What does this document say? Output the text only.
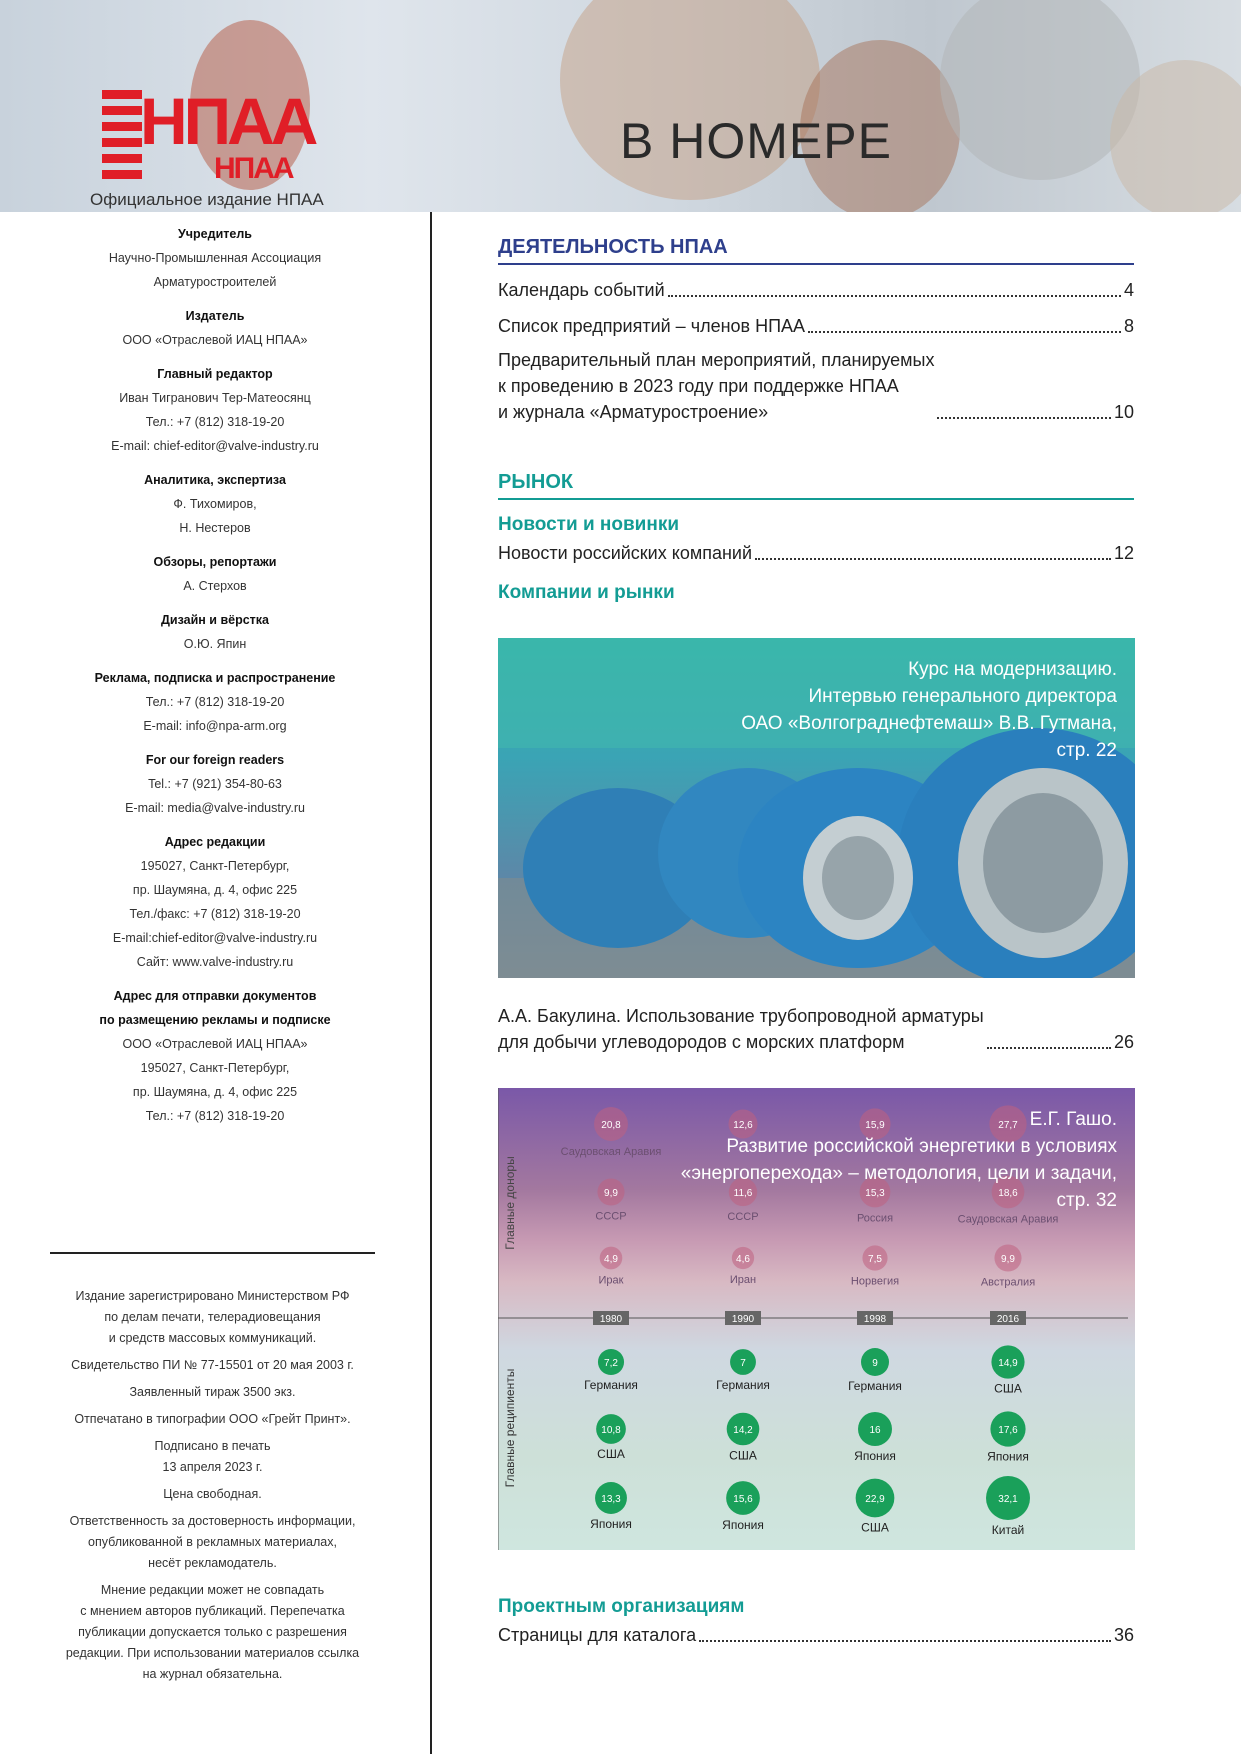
НПАА
НПАА
Официальное издание НПАА
В НОМЕРЕ
Учредитель
Научно-Промышленная Ассоциация
Арматуростроителей
Издатель
ООО «Отраслевой ИАЦ НПАА»
Главный редактор
Иван Тигранович Тер-Матеосянц
Тел.: +7 (812) 318-19-20
E-mail: chief-editor@valve-industry.ru
Аналитика, экспертиза
Ф. Тихомиров,
Н. Нестеров
Обзоры, репортажи
А. Стерхов
Дизайн и вёрстка
О.Ю. Япин
Реклама, подписка и распространение
Тел.: +7 (812) 318-19-20
E-mail: info@npa-arm.org
For our foreign readers
Tel.: +7 (921) 354-80-63
E-mail: media@valve-industry.ru
Адрес редакции
195027, Санкт-Петербург,
пр. Шаумяна, д. 4, офис 225
Тел./факс: +7 (812) 318-19-20
E-mail:chief-editor@valve-industry.ru
Сайт: www.valve-industry.ru
Адрес для отправки документов
по размещению рекламы и подписке
ООО «Отраслевой ИАЦ НПАА»
195027, Санкт-Петербург,
пр. Шаумяна, д. 4, офис 225
Тел.: +7 (812) 318-19-20

Издание зарегистрировано Министерством РФ
по делам печати, телерадиовещания
и средств массовых коммуникаций.

Свидетельство ПИ № 77-15501 от 20 мая 2003 г.

Заявленный тираж 3500 экз.

Отпечатано в типографии ООО «Грейт Принт».

Подписано в печать
13 апреля 2023 г.

Цена свободная.

Ответственность за достоверность информации,
опубликованной в рекламных материалах,
несёт рекламодатель.

Мнение редакции может не совпадать
с мнением авторов публикаций. Перепечатка
публикации допускается только с разрешения
редакции. При использовании материалов ссылка
на журнал обязательна.

ДЕЯТЕЛЬНОСТЬ НПАА
Календарь событий	4
Список предприятий – членов НПАА	8
Предварительный план мероприятий, планируемых
к проведению в 2023 году при поддержке НПАА
и журнала «Арматуростроение»	10
РЫНОК
Новости и новинки
Новости российских компаний	12
Компании и рынки
Курс на модернизацию.
Интервью генерального директора
ОАО «Волгограднефтемаш» В.В. Гутмана,
стр. 22
А.А. Бакулина. Использование трубопроводной арматуры
для добычи углеводородов с морских платформ	26
Главные доноры
Главные реципиенты
1980	1990	1998	2016
20,8
Саудовская Аравия
12,6	15,9	27,7
9,9
СССР
11,6
СССР
15,3
Россия
18,6
Саудовская Аравия
4,9
Ирак
4,6
Иран
7,5
Норвегия
9,9
Австралия
7,2
Германия
7
Германия
9
Германия
14,9
США
10,8
США
14,2
США
16
Япония
17,6
Япония
13,3
Япония
15,6
Япония
22,9
США
32,1
Китай
Е.Г. Гашо.
Развитие российской энергетики в условиях
«энергоперехода» – методология, цели и задачи,
стр. 32
Проектным организациям
Страницы для каталога	36
